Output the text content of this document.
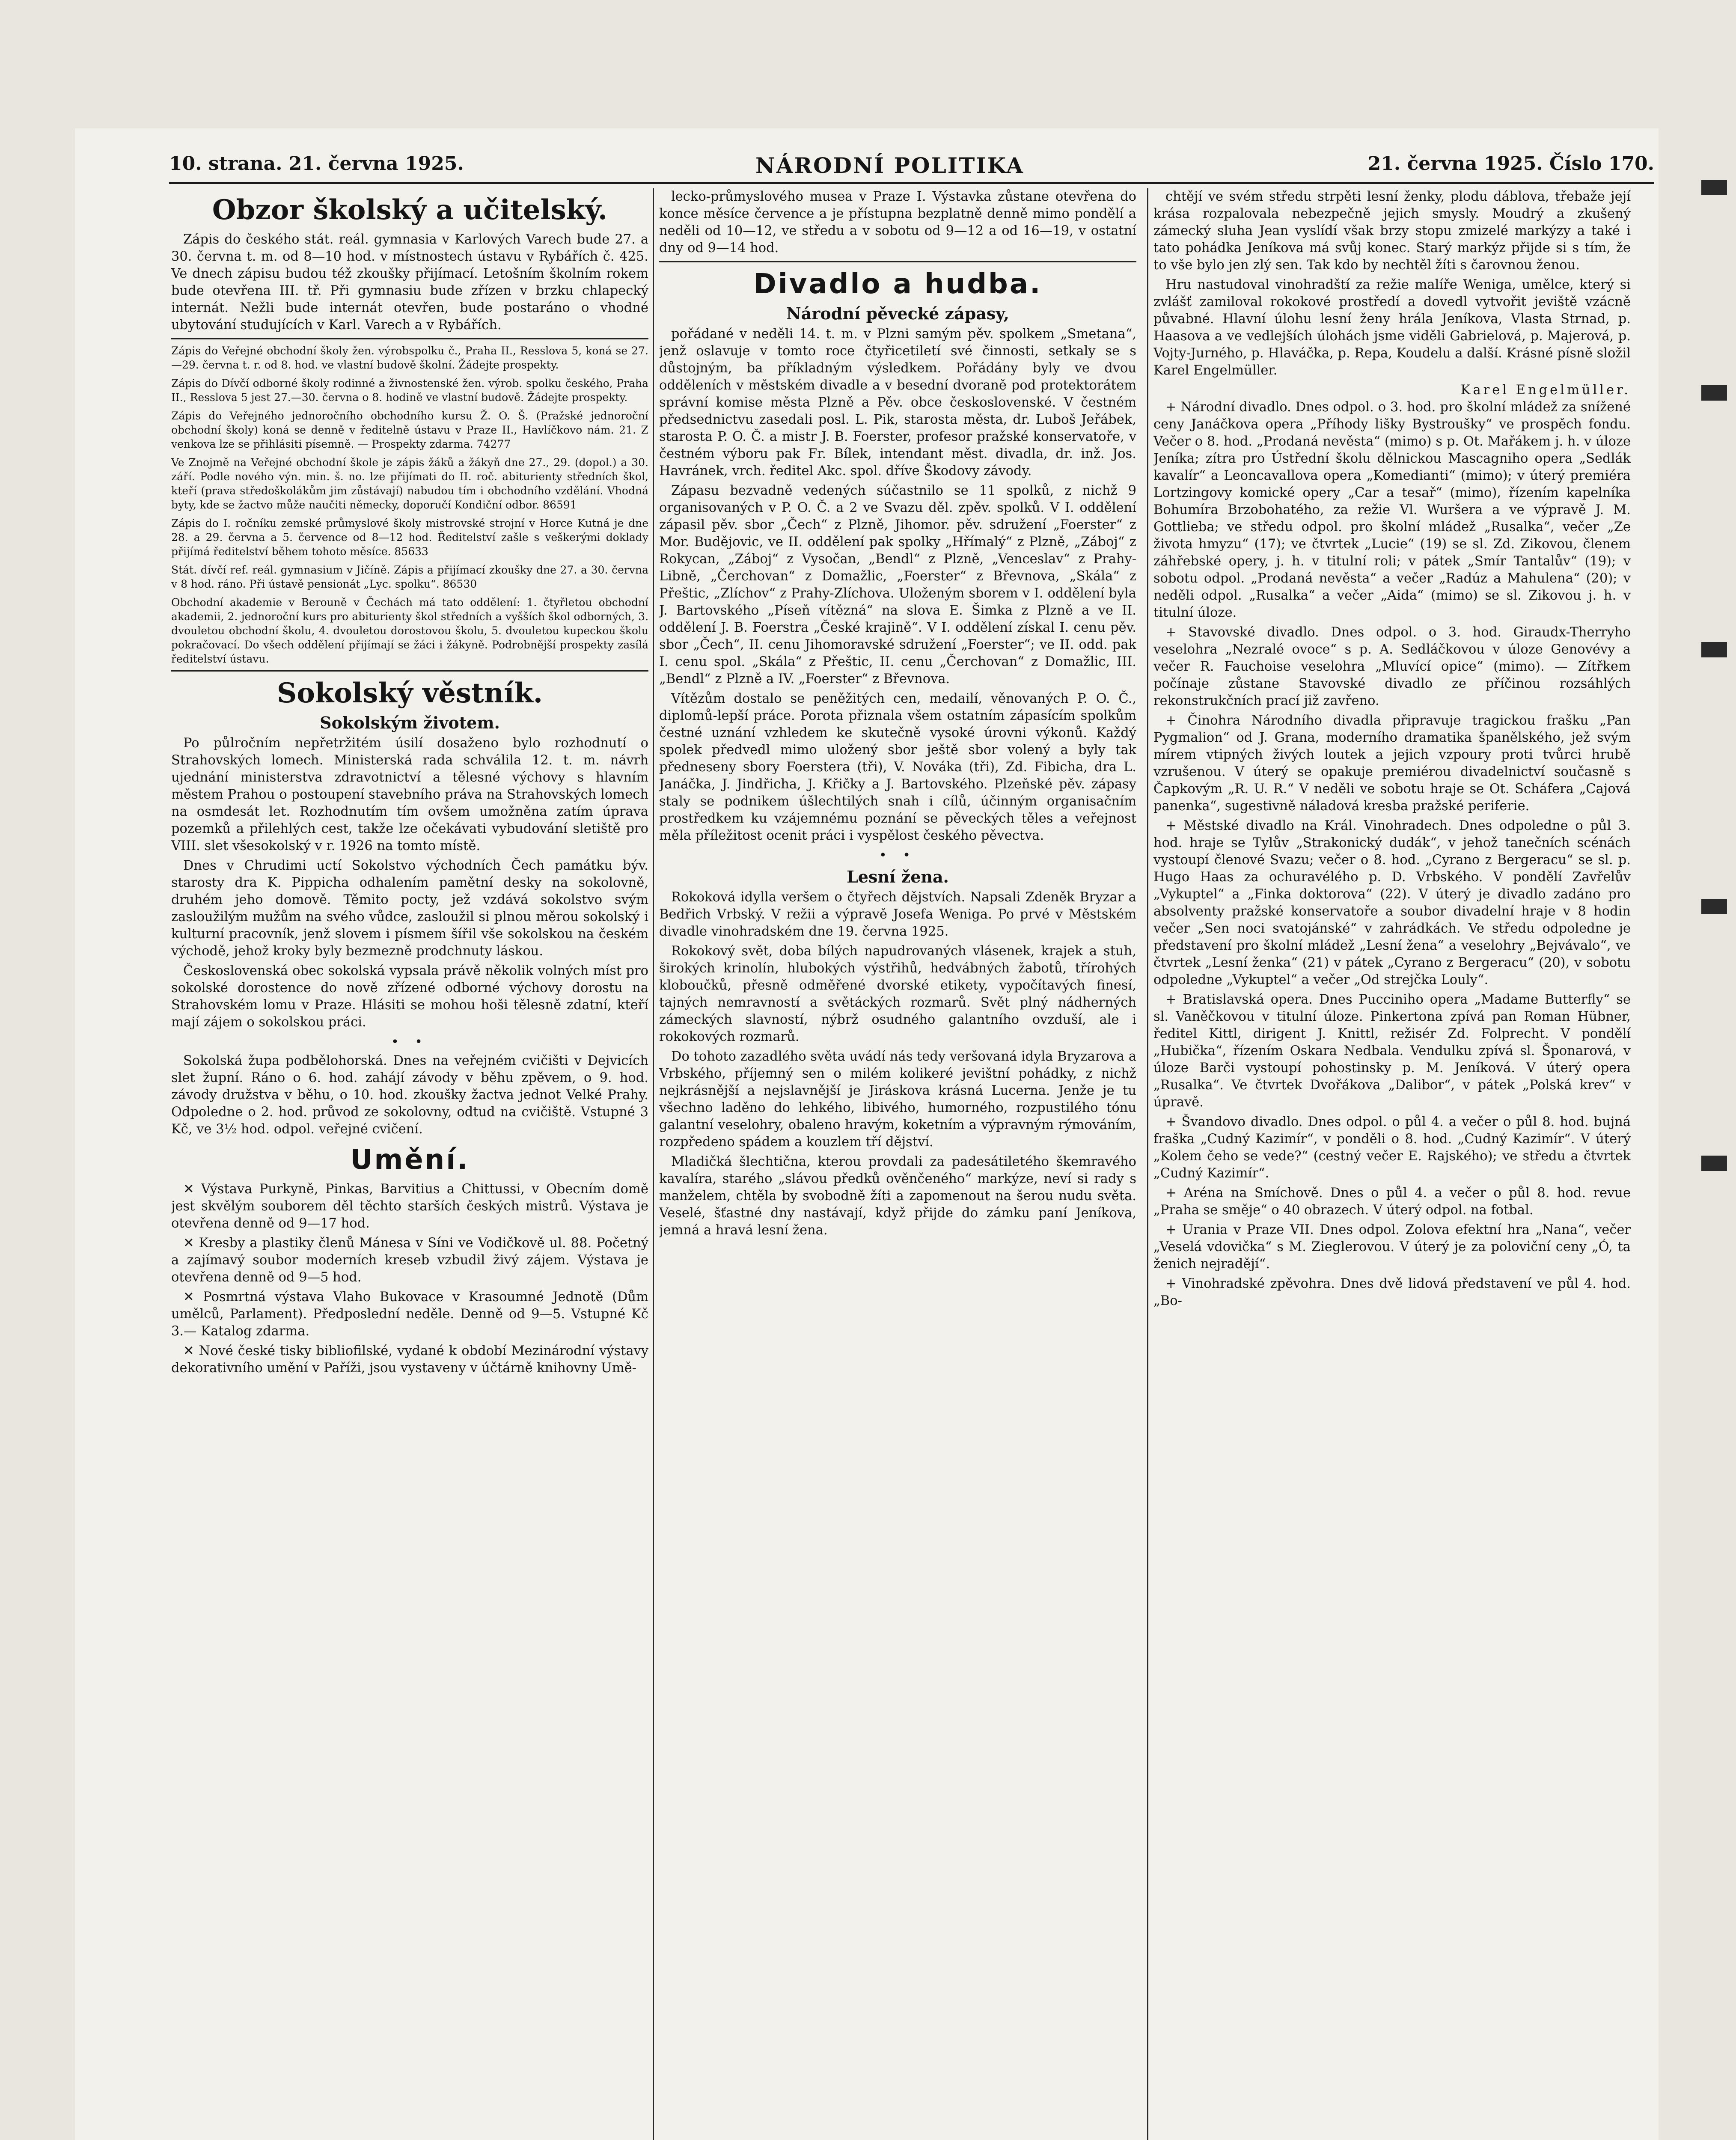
10. strana. 21. června 1925.	NÁRODNÍ POLITIKA	21. června 1925. Číslo 170.
Obzor školský a učitelský.

Zápis do českého stát. reál. gymnasia v Karlových Varech bude 27. a 30. června t. m. od 8—10 hod. v místnostech ústavu v Rybářích č. 425. Ve dnech zápisu budou též zkoušky přijímací. Letošním školním rokem bude otevřena III. tř. Při gymnasiu bude zřízen v brzku chlapecký internát. Nežli bude internát otevřen, bude postaráno o vhodné ubytování studujících v Karl. Varech a v Rybářích.

Zápis do Veřejné obchodní školy žen. výrobspolku č., Praha II., Resslova 5, koná se 27.—29. června t. r. od 8. hod. ve vlastní budově školní. Žádejte prospekty.

Zápis do Dívčí odborné školy rodinné a živnostenské žen. výrob. spolku českého, Praha II., Resslova 5 jest 27.—30. června o 8. hodině ve vlastní budově. Žádejte prospekty.

Zápis do Veřejného jednoročního obchodního kursu Ž. O. Š. (Pražské jednoroční obchodní školy) koná se denně v ředitelně ústavu v Praze II., Havlíčkovo nám. 21. Z venkova lze se přihlásiti písemně. — Prospekty zdarma. 74277

Ve Znojmě na Veřejné obchodní škole je zápis žáků a žákyň dne 27., 29. (dopol.) a 30. září. Podle nového výn. min. š. no. lze přijímati do II. roč. abiturienty středních škol, kteří (prava středoškolákům jim zůstávají) nabudou tím i obchodního vzdělání. Vhodná byty, kde se žactvo může naučiti německy, doporučí Kondiční odbor. 86591

Zápis do I. ročníku zemské průmyslové školy mistrovské strojní v Horce Kutná je dne 28. a 29. června a 5. července od 8—12 hod. Ředitelství zašle s veškerými doklady přijímá ředitelství během tohoto měsíce. 85633

Stát. dívčí ref. reál. gymnasium v Jičíně. Zápis a přijímací zkoušky dne 27. a 30. června v 8 hod. ráno. Při ústavě pensionát „Lyc. spolku“. 86530

Obchodní akademie v Berouně v Čechách má tato oddělení: 1. čtyřletou obchodní akademii, 2. jednoroční kurs pro abiturienty škol středních a vyšších škol odborných, 3. dvouletou obchodní školu, 4. dvouletou dorostovou školu, 5. dvouletou kupeckou školu pokračovací. Do všech oddělení přijímají se žáci i žákyně. Podrobnější prospekty zasílá ředitelství ústavu.

Sokolský věstník.
Sokolským životem.

Po půlročním nepřetržitém úsilí dosaženo bylo rozhodnutí o Strahovských lomech. Ministerská rada schválila 12. t. m. návrh ujednání ministerstva zdravotnictví a tělesné výchovy s hlavním městem Prahou o postoupení stavebního práva na Strahovských lomech na osmdesát let. Rozhodnutím tím ovšem umožněna zatím úprava pozemků a přilehlých cest, takže lze očekávati vybudování sletiště pro VIII. slet všesokolský v r. 1926 na tomto místě.

Dnes v Chrudimi uctí Sokolstvo východních Čech památku býv. starosty dra K. Pippicha odhalením pamětní desky na sokolovně, druhém jeho domově. Těmito pocty, jež vzdává sokolstvo svým zasloužilým mužům na svého vůdce, zasloužil si plnou měrou sokolský i kulturní pracovník, jenž slovem i písmem šířil vše sokolskou na českém východě, jehož kroky byly bezmezně prodchnuty láskou.

Československá obec sokolská vypsala právě několik volných míst pro sokolské dorostence do nově zřízené odborné výchovy dorostu na Strahovském lomu v Praze. Hlásiti se mohou hoši tělesně zdatní, kteří mají zájem o sokolskou práci.

• •

Sokolská župa podbělohorská. Dnes na veřejném cvičišti v Dejvicích slet župní. Ráno o 6. hod. zahájí závody v běhu zpěvem, o 9. hod. závody družstva v běhu, o 10. hod. zkoušky žactva jednot Velké Prahy. Odpoledne o 2. hod. průvod ze sokolovny, odtud na cvičiště. Vstupné 3 Kč, ve 3½ hod. odpol. veřejné cvičení.

Umění.

✕ Výstava Purkyně, Pinkas, Barvitius a Chittussi, v Obecním domě jest skvělým souborem děl těchto starších českých mistrů. Výstava je otevřena denně od 9—17 hod.

✕ Kresby a plastiky členů Mánesa v Síni ve Vodičkově ul. 88. Početný a zajímavý soubor moderních kreseb vzbudil živý zájem. Výstava je otevřena denně od 9—5 hod.

✕ Posmrtná výstava Vlaho Bukovace v Krasoumné Jednotě (Dům umělců, Parlament). Předposlední neděle. Denně od 9—5. Vstupné Kč 3.— Katalog zdarma.

✕ Nové české tisky bibliofilské, vydané k období Mezinárodní výstavy dekorativního umění v Paříži, jsou vystaveny v účtárně knihovny Umě-

lecko-průmyslového musea v Praze I. Výstavka zůstane otevřena do konce měsíce července a je přístupna bezplatně denně mimo pondělí a neděli od 10—12, ve středu a v sobotu od 9—12 a od 16—19, v ostatní dny od 9—14 hod.

Divadlo a hudba.
Národní pěvecké zápasy,

pořádané v neděli 14. t. m. v Plzni samým pěv. spolkem „Smetana“, jenž oslavuje v tomto roce čtyřicetiletí své činnosti, setkaly se s důstojným, ba příkladným výsledkem. Pořádány byly ve dvou odděleních v městském divadle a v besední dvoraně pod protektorátem správní komise města Plzně a Pěv. obce československé. V čestném předsednictvu zasedali posl. L. Pik, starosta města, dr. Luboš Jeřábek, starosta P. O. Č. a mistr J. B. Foerster, profesor pražské konservatoře, v čestném výboru pak Fr. Bílek, intendant měst. divadla, dr. inž. Jos. Havránek, vrch. ředitel Akc. spol. dříve Škodovy závody.

Zápasu bezvadně vedených súčastnilo se 11 spolků, z nichž 9 organisovaných v P. O. Č. a 2 ve Svazu děl. zpěv. spolků. V I. oddělení zápasil pěv. sbor „Čech“ z Plzně, Jihomor. pěv. sdružení „Foerster“ z Mor. Budějovic, ve II. oddělení pak spolky „Hřímalý“ z Plzně, „Záboj“ z Rokycan, „Záboj“ z Vysočan, „Bendl“ z Plzně, „Venceslav“ z Prahy-Libně, „Čerchovan“ z Domažlic, „Foerster“ z Břevnova, „Skála“ z Přeštic, „Zlíchov“ z Prahy-Zlíchova. Uloženým sborem v I. oddělení byla J. Bartovského „Píseň vítězná“ na slova E. Šimka z Plzně a ve II. oddělení J. B. Foerstra „České krajině“. V I. oddělení získal I. cenu pěv. sbor „Čech“, II. cenu Jihomoravské sdružení „Foerster“; ve II. odd. pak I. cenu spol. „Skála“ z Přeštic, II. cenu „Čerchovan“ z Domažlic, III. „Bendl“ z Plzně a IV. „Foerster“ z Břevnova.

Vítězům dostalo se peněžitých cen, medailí, věnovaných P. O. Č., diplomů-lepší práce. Porota přiznala všem ostatním zápasícím spolkům čestné uznání vzhledem ke skutečně vysoké úrovni výkonů. Každý spolek předvedl mimo uložený sbor ještě sbor volený a byly tak předneseny sbory Foerstera (tři), V. Nováka (tři), Zd. Fibicha, dra L. Janáčka, J. Jindřicha, J. Křičky a J. Bartovského. Plzeňské pěv. zápasy staly se podnikem úšlechtilých snah i cílů, účinným organisačním prostředkem ku vzájemnému poznání se pěveckých těles a veřejnost měla příležitost ocenit práci i vyspělost českého pěvectva.

• •
Lesní žena.

Rokoková idylla veršem o čtyřech dějstvích. Napsali Zdeněk Bryzar a Bedřich Vrbský. V režii a výpravě Josefa Weniga. Po prvé v Městském divadle vinohradském dne 19. června 1925.

Rokokový svět, doba bílých napudrovaných vlásenek, krajek a stuh, širokých krinolín, hlubokých výstřihů, hedvábných žabotů, třírohých kloboučků, přesně odměřené dvorské etikety, vypočítavých finesí, tajných nemravností a světáckých rozmarů. Svět plný nádherných zámeckých slavností, nýbrž osudného galantního ovzduší, ale i rokokových rozmarů.

Do tohoto zazadlého světa uvádí nás tedy veršovaná idyla Bryzarova a Vrbského, příjemný sen o milém kolikeré jevištní pohádky, z nichž nejkrásnější a nejslavnější je Jiráskova krásná Lucerna. Jenže je tu všechno laděno do lehkého, libivého, humorného, rozpustilého tónu galantní veselohry, obaleno hravým, koketním a výpravným rýmováním, rozpředeno spádem a kouzlem tří dějství.

Mladičká šlechtična, kterou provdali za padesátiletého škemravého kavalíra, starého „slávou předků ověnčeného“ markýze, neví si rady s manželem, chtěla by svobodně žíti a zapomenout na šerou nudu světa. Veselé, šťastné dny nastávají, když přijde do zámku paní Jeníkova, jemná a hravá lesní žena.

chtějí ve svém středu strpěti lesní ženky, plodu dáblova, třebaže její krása rozpalovala nebezpečně jejich smysly. Moudrý a zkušený zámecký sluha Jean vyslídí však brzy stopu zmizelé markýzy a také i tato pohádka Jeníkova má svůj konec. Starý markýz přijde si s tím, že to vše bylo jen zlý sen. Tak kdo by nechtěl žíti s čarovnou ženou.

Hru nastudoval vinohradští za režie malíře Weniga, umělce, který si zvlášť zamiloval rokokové prostředí a dovedl vytvořit jeviště vzácně půvabné. Hlavní úlohu lesní ženy hrála Jeníkova, Vlasta Strnad, p. Haasova a ve vedlejších úlohách jsme viděli Gabrielová, p. Majerová, p. Vojty-Jurného, p. Hlaváčka, p. Repa, Koudelu a další. Krásné písně složil Karel Engelmüller.

Karel Engelmüller.

+ Národní divadlo. Dnes odpol. o 3. hod. pro školní mládež za snížené ceny Janáčkova opera „Příhody lišky Bystroušky“ ve prospěch fondu. Večer o 8. hod. „Prodaná nevěsta“ (mimo) s p. Ot. Mařákem j. h. v úloze Jeníka; zítra pro Ústřední školu dělnickou Mascagniho opera „Sedlák kavalír“ a Leoncavallova opera „Komedianti“ (mimo); v úterý premiéra Lortzingovy komické opery „Car a tesař“ (mimo), řízením kapelníka Bohumíra Brzobohatého, za režie Vl. Wuršera a ve výpravě J. M. Gottlieba; ve středu odpol. pro školní mládež „Rusalka“, večer „Ze života hmyzu“ (17); ve čtvrtek „Lucie“ (19) se sl. Zd. Zikovou, členem záhřebské opery, j. h. v titulní roli; v pátek „Smír Tantalův“ (19); v sobotu odpol. „Prodaná nevěsta“ a večer „Radúz a Mahulena“ (20); v neděli odpol. „Rusalka“ a večer „Aida“ (mimo) se sl. Zikovou j. h. v titulní úloze.

+ Stavovské divadlo. Dnes odpol. o 3. hod. Giraudx-Therryho veselohra „Nezralé ovoce“ s p. A. Sedláčkovou v úloze Genovévy a večer R. Fauchoise veselohra „Mluvící opice“ (mimo). — Zítřkem počínaje zůstane Stavovské divadlo ze příčinou rozsáhlých rekonstrukčních prací již zavřeno.

+ Činohra Národního divadla připravuje tragickou frašku „Pan Pygmalion“ od J. Grana, moderního dramatika španělského, jež svým mírem vtipných živých loutek a jejich vzpoury proti tvůrci hrubě vzrušenou. V úterý se opakuje premiérou divadelnictví současně s Čapkovým „R. U. R.“ V neděli ve sobotu hraje se Ot. Scháfera „Cajová panenka“, sugestivně náladová kresba pražské periferie.

+ Městské divadlo na Král. Vinohradech. Dnes odpoledne o půl 3. hod. hraje se Tylův „Strakonický dudák“, v jehož tanečních scénách vystoupí členové Svazu; večer o 8. hod. „Cyrano z Bergeracu“ se sl. p. Hugo Haas za ochuravélého p. D. Vrbského. V pondělí Zavřelův „Vykuptel“ a „Finka doktorova“ (22). V úterý je divadlo zadáno pro absolventy pražské konservatoře a soubor divadelní hraje v 8 hodin večer „Sen noci svatojánské“ v zahrádkách. Ve středu odpoledne je představení pro školní mládež „Lesní žena“ a veselohry „Bejvávalo“, ve čtvrtek „Lesní ženka“ (21) v pátek „Cyrano z Bergeracu“ (20), v sobotu odpoledne „Vykuptel“ a večer „Od strejčka Louly“.

+ Bratislavská opera. Dnes Pucciniho opera „Madame Butterfly“ se sl. Vaněčkovou v titulní úloze. Pinkertona zpívá pan Roman Hübner, ředitel Kittl, dirigent J. Knittl, režisér Zd. Folprecht. V pondělí „Hubička“, řízením Oskara Nedbala. Vendulku zpívá sl. Šponarová, v úloze Barči vystoupí pohostinsky p. M. Jeníková. V úterý opera „Rusalka“. Ve čtvrtek Dvořákova „Dalibor“, v pátek „Polská krev“ v úpravě.

+ Švandovo divadlo. Dnes odpol. o půl 4. a večer o půl 8. hod. bujná fraška „Cudný Kazimír“, v ponděli o 8. hod. „Cudný Kazimír“. V úterý „Kolem čeho se vede?“ (cestný večer E. Rajského); ve středu a čtvrtek „Cudný Kazimír“.

+ Aréna na Smíchově. Dnes o půl 4. a večer o půl 8. hod. revue „Praha se směje“ o 40 obrazech. V úterý odpol. na fotbal.

+ Urania v Praze VII. Dnes odpol. Zolova efektní hra „Nana“, večer „Veselá vdovička“ s M. Zieglerovou. V úterý je za poloviční ceny „Ó, ta ženich nejradějí“.

+ Vinohradské zpěvohra. Dnes dvě lidová představení ve půl 4. hod. „Bo-
